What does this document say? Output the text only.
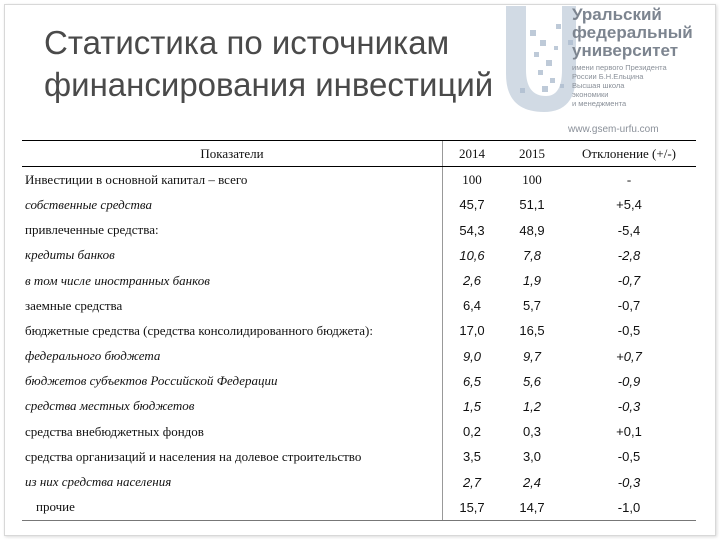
Уральский
федеральный
университет
имени первого Президента
России Б.Н.Ельцина
Высшая школа
экономики
и менеджмента
www.gsem-urfu.com
Статистика по источникам
финансирования инвестиций
Показатели	2014	2015	Отклонение (+/-)
Инвестиции в основной капитал – всего	100	100	-
собственные средства	45,7	51,1	+5,4
привлеченные средства:	54,3	48,9	-5,4
кредиты банков	10,6	7,8	-2,8
в том числе иностранных банков	2,6	1,9	-0,7
заемные средства	6,4	5,7	-0,7
бюджетные средства (средства консолидированного бюджета):	17,0	16,5	-0,5
федерального бюджета	9,0	9,7	+0,7
бюджетов субъектов Российской Федерации	6,5	5,6	-0,9
средства местных бюджетов	1,5	1,2	-0,3
средства внебюджетных фондов	0,2	0,3	+0,1
средства организаций и населения на долевое строительство	3,5	3,0	-0,5
из них средства населения	2,7	2,4	-0,3
прочие	15,7	14,7	-1,0
